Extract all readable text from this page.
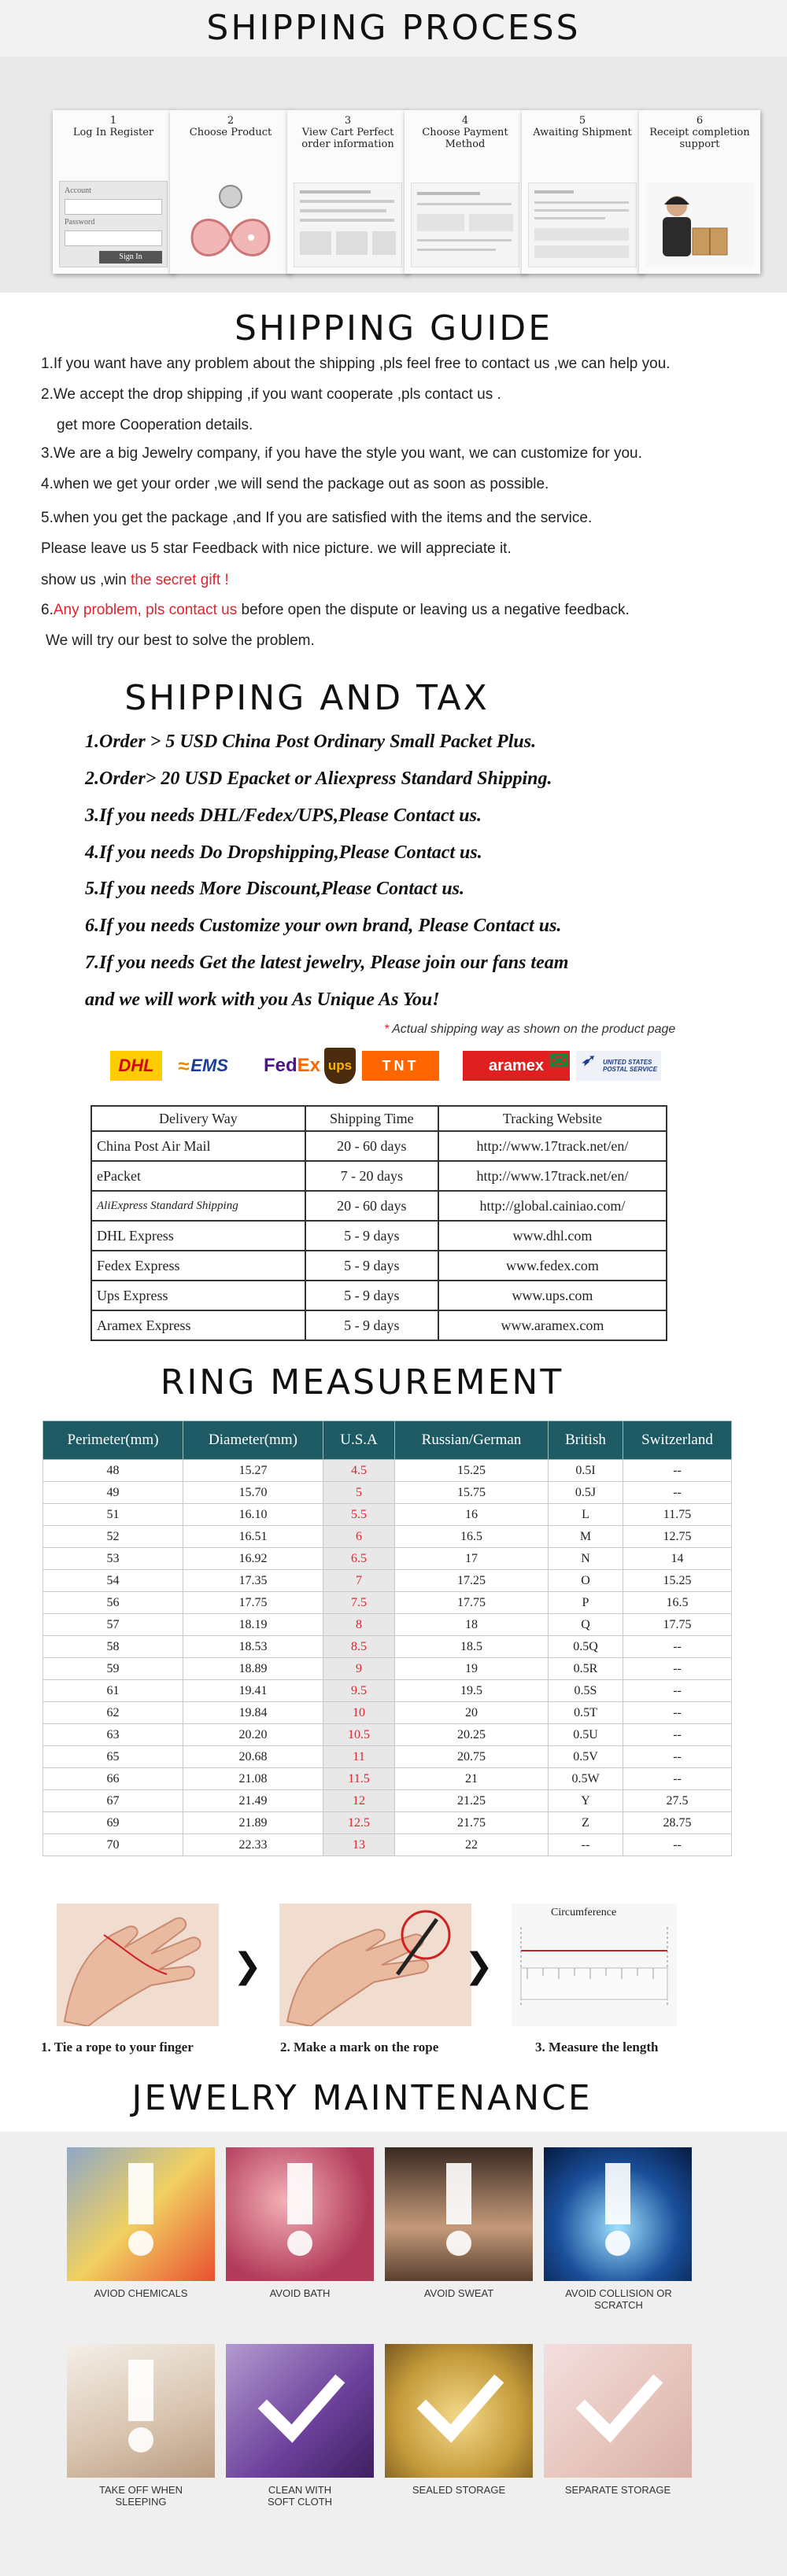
SHIPPING PROCESS
1
Log In Register
Account
Password
Sign In
2
Choose Product
3
View Cart Perfect order information
4
Choose Payment Method
5
Awaiting Shipment
6
Receipt completion support
SHIPPING GUIDE
1.If you want have any problem about the shipping ,pls feel free to contact us ,we can help you.
2.We accept the drop shipping ,if you want cooperate ,pls contact us .
get more Cooperation details.
3.We are a big Jewelry company, if you have the style you want, we can customize for you.
4.when we get your order ,we will send the package out as soon as possible.
5.when you get the package ,and If you are satisfied with the items and the service.
Please leave us 5 star Feedback with nice picture. we will appreciate it.
show us ,win the secret gift !
6.Any problem, pls contact us before open the dispute or leaving us a negative feedback.
We will try our best to solve the problem.
SHIPPING AND TAX
1.Order > 5 USD China Post Ordinary Small Packet Plus.
2.Order> 20 USD Epacket or Aliexpress Standard Shipping.
3.If you needs DHL/Fedex/UPS,Please Contact us.
4.If you needs Do Dropshipping,Please Contact us.
5.If you needs More Discount,Please Contact us.
6.If you needs Customize your own brand, Please Contact us.
7.If you needs Get the latest jewelry, Please join our fans team
and we will work with you As Unique As You!
* Actual shipping way as shown on the product page
DHL ≈ EMS Fed Ex ups TNT	aramex ✉ ➶ UNITED STATES POSTAL SERVICE
Delivery Way	Shipping Time	Tracking Website
China Post Air Mail	20 - 60 days	http://www.17track.net/en/
ePacket	7 - 20 days	http://www.17track.net/en/
AliExpress Standard Shipping	20 - 60 days	http://global.cainiao.com/
DHL Express	5 - 9 days	www.dhl.com
Fedex Express	5 - 9 days	www.fedex.com
Ups Express	5 - 9 days	www.ups.com
Aramex Express	5 - 9 days	www.aramex.com
RING MEASUREMENT
Perimeter(mm)	Diameter(mm)	U.S.A	Russian/German	British	Switzerland
48	15.27	4.5	15.25	0.5I	--
49	15.70	5	15.75	0.5J	--
51	16.10	5.5	16	L	11.75
52	16.51	6	16.5	M	12.75
53	16.92	6.5	17	N	14
54	17.35	7	17.25	O	15.25
56	17.75	7.5	17.75	P	16.5
57	18.19	8	18	Q	17.75
58	18.53	8.5	18.5	0.5Q	--
59	18.89	9	19	0.5R	--
61	19.41	9.5	19.5	0.5S	--
62	19.84	10	20	0.5T	--
63	20.20	10.5	20.25	0.5U	--
65	20.68	11	20.75	0.5V	--
66	21.08	11.5	21	0.5W	--
67	21.49	12	21.25	Y	27.5
69	21.89	12.5	21.75	Z	28.75
70	22.33	13	22	--	--
❯	❯
Circumference
1. Tie a rope to your finger	2. Make a mark on the rope	3. Measure the length
JEWELRY MAINTENANCE
AVIOD CHEMICALS	AVOID BATH	AVOID SWEAT	AVOID COLLISION OR SCRATCH
TAKE OFF WHEN SLEEPING
CLEAN WITH SOFT CLOTH
SEALED STORAGE	SEPARATE STORAGE
